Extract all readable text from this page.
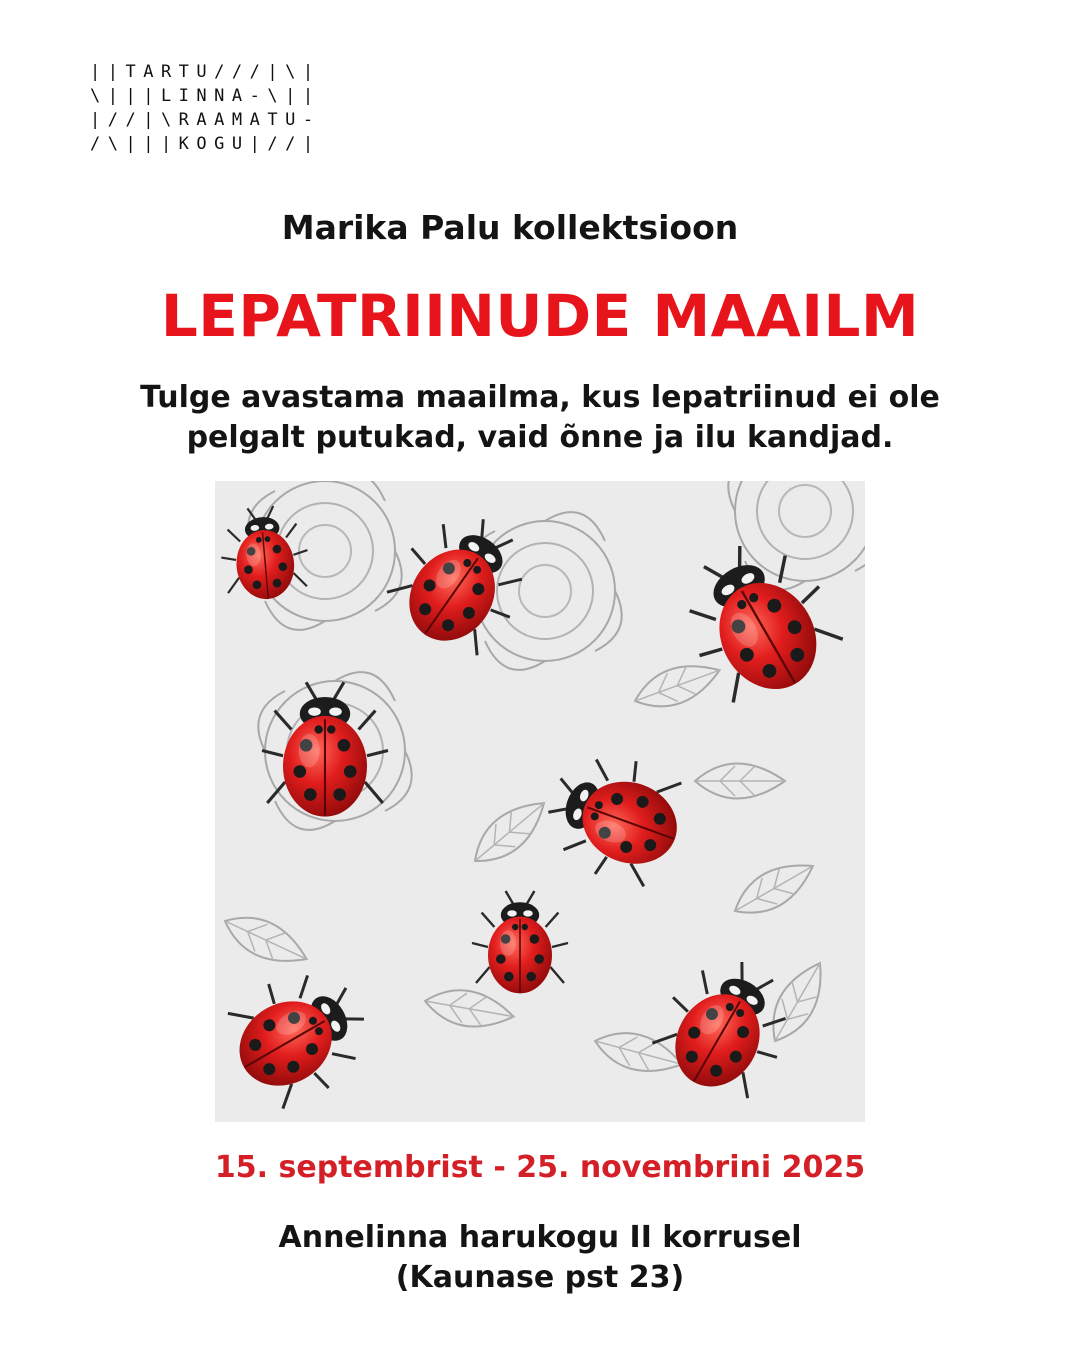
||TARTU///|\|
\|||LINNA-\||
|//|\RAAMATU-
/\|||KOGU|//|
Marika Palu kollektsioon
LEPATRIINUDE MAAILM
Tulge avastama maailma, kus lepatriinud ei ole pelgalt putukad, vaid õnne ja ilu kandjad.
15. septembrist - 25. novembrini 2025
Annelinna harukogu II korrusel
(Kaunase pst 23)
